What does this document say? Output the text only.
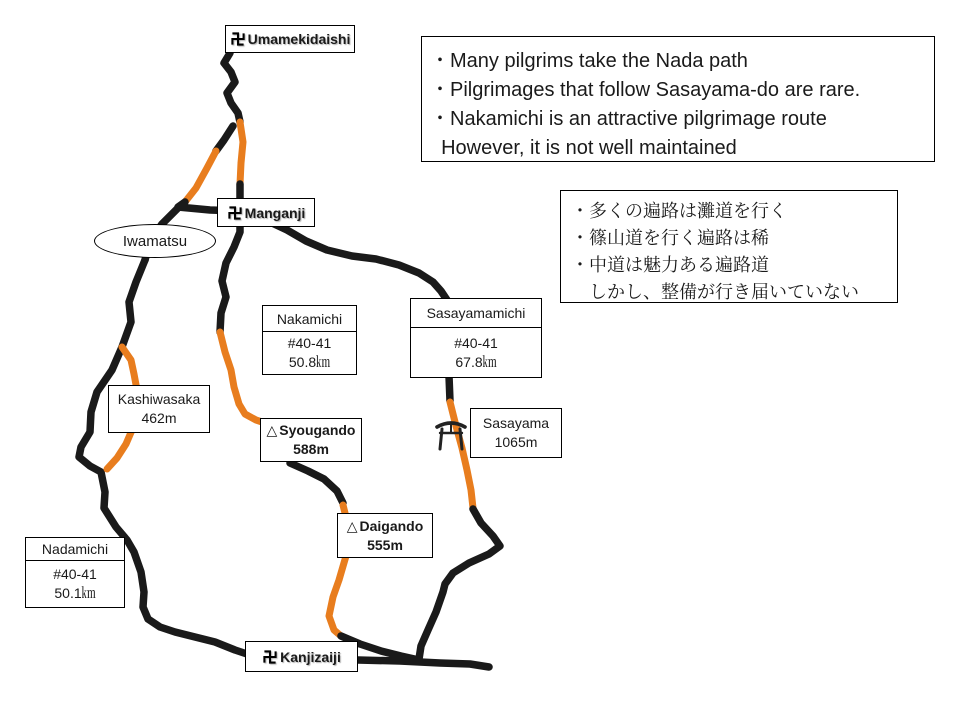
Umamekidaishi
Manganji
Kanjizaiji
Iwamatsu
・Many pilgrims take the Nada path
・Pilgrimages that follow Sasayama-do are rare.
・Nakamichi is an attractive pilgrimage route
However, it is not well maintained
・多くの遍路は灘道を行く
・篠山道を行く遍路は稀
・中道は魅力ある遍路道
　しかし、整備が行き届いていない
Nakamichi
#40-41
50.8㎞
Sasayamamichi
#40-41
67.8㎞
Nadamichi
#40-41
50.1㎞
Kashiwasaka
462m
△ Syougando
588m
△ Daigando
555m
Sasayama
1065m
